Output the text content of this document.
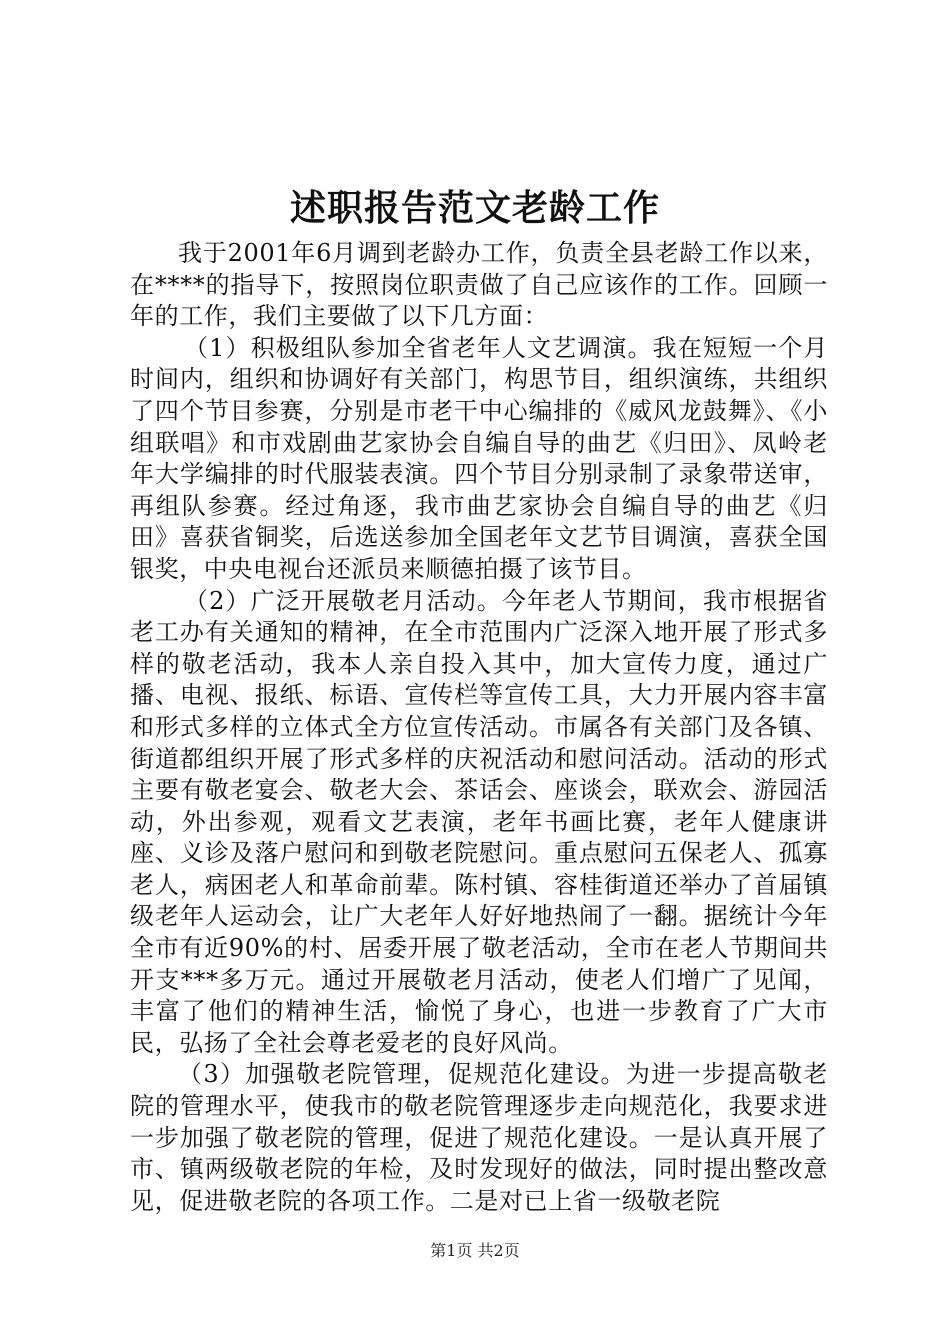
述职报告范文老龄工作

我于2001年6月调到老龄办工作，负责全县老龄工作以来，在****的指导下，按照岗位职责做了自己应该作的工作。回顾一年的工作，我们主要做了以下几方面：

（1）积极组队参加全省老年人文艺调演。我在短短一个月时间内，组织和协调好有关部门，构思节目，组织演练，共组织了四个节目参赛，分别是市老干中心编排的《威风龙鼓舞》、《小组联唱》和市戏剧曲艺家协会自编自导的曲艺《归田》、凤岭老年大学编排的时代服装表演。四个节目分别录制了录象带送审，再组队参赛。经过角逐，我市曲艺家协会自编自导的曲艺《归田》喜获省铜奖，后选送参加全国老年文艺节目调演，喜获全国银奖，中央电视台还派员来顺德拍摄了该节目。

（2）广泛开展敬老月活动。今年老人节期间，我市根据省老工办有关通知的精神，在全市范围内广泛深入地开展了形式多样的敬老活动，我本人亲自投入其中，加大宣传力度，通过广播、电视、报纸、标语、宣传栏等宣传工具，大力开展内容丰富和形式多样的立体式全方位宣传活动。市属各有关部门及各镇、街道都组织开展了形式多样的庆祝活动和慰问活动。活动的形式主要有敬老宴会、敬老大会、茶话会、座谈会，联欢会、游园活动，外出参观，观看文艺表演，老年书画比赛，老年人健康讲座、义诊及落户慰问和到敬老院慰问。重点慰问五保老人、孤寡老人，病困老人和革命前辈。陈村镇、容桂街道还举办了首届镇级老年人运动会，让广大老年人好好地热闹了一翻。据统计今年全市有近90%的村、居委开展了敬老活动，全市在老人节期间共开支***多万元。通过开展敬老月活动，使老人们增广了见闻，丰富了他们的精神生活，愉悦了身心，也进一步教育了广大市民，弘扬了全社会尊老爱老的良好风尚。

（3）加强敬老院管理，促规范化建设。为进一步提高敬老院的管理水平，使我市的敬老院管理逐步走向规范化，我要求进一步加强了敬老院的管理，促进了规范化建设。一是认真开展了市、镇两级敬老院的年检，及时发现好的做法，同时提出整改意见，促进敬老院的各项工作。二是对已上省一级敬老院

第1页 共2页
